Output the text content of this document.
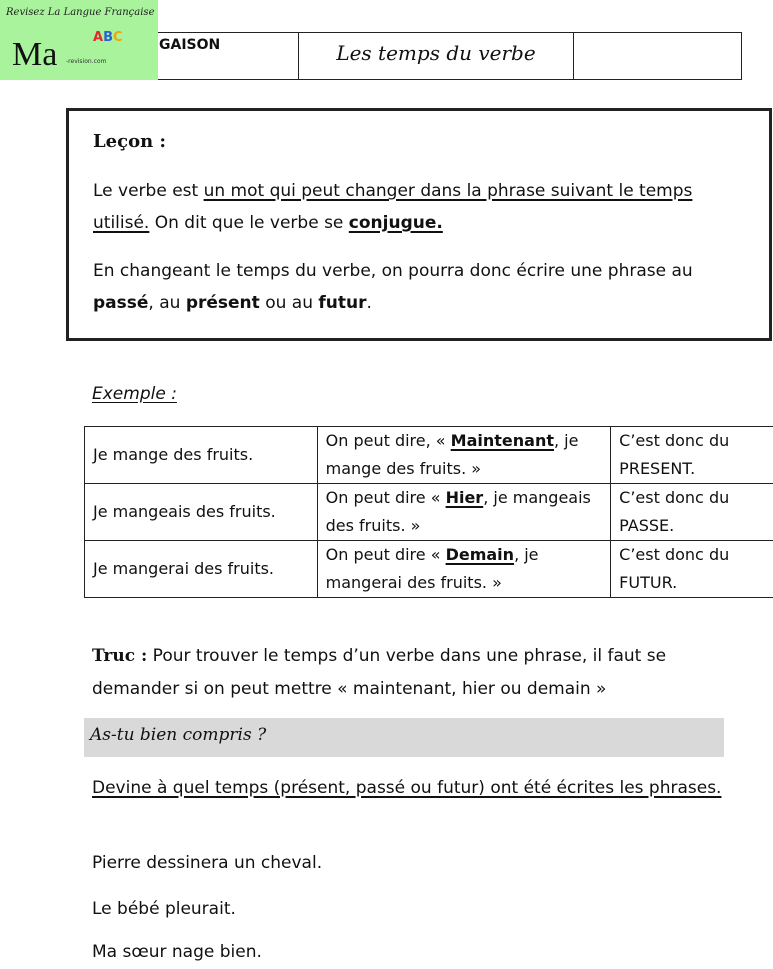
Revisez La Langue Française
Ma	ABC
-revision.com
GAISON	Les temps du verbe
Leçon :
Le verbe est un mot qui peut changer dans la phrase suivant le temps utilisé. On dit que le verbe se conjugue.
En changeant le temps du verbe, on pourra donc écrire une phrase au passé, au présent ou au futur.
Exemple :
Je mange des fruits.	On peut dire, « Maintenant, je mange des fruits. »	C’est donc du PRESENT.
Je mangeais des fruits.	On peut dire « Hier, je mangeais des fruits. »	C’est donc du PASSE.
Je mangerai des fruits.	On peut dire « Demain, je mangerai des fruits. »	C’est donc du FUTUR.
Truc : Pour trouver le temps d’un verbe dans une phrase, il faut se demander si on peut mettre « maintenant, hier ou demain »
As-tu bien compris ?
Devine à quel temps (présent, passé ou futur) ont été écrites les phrases.
Pierre dessinera un cheval.
Le bébé pleurait.
Ma sœur nage bien.
